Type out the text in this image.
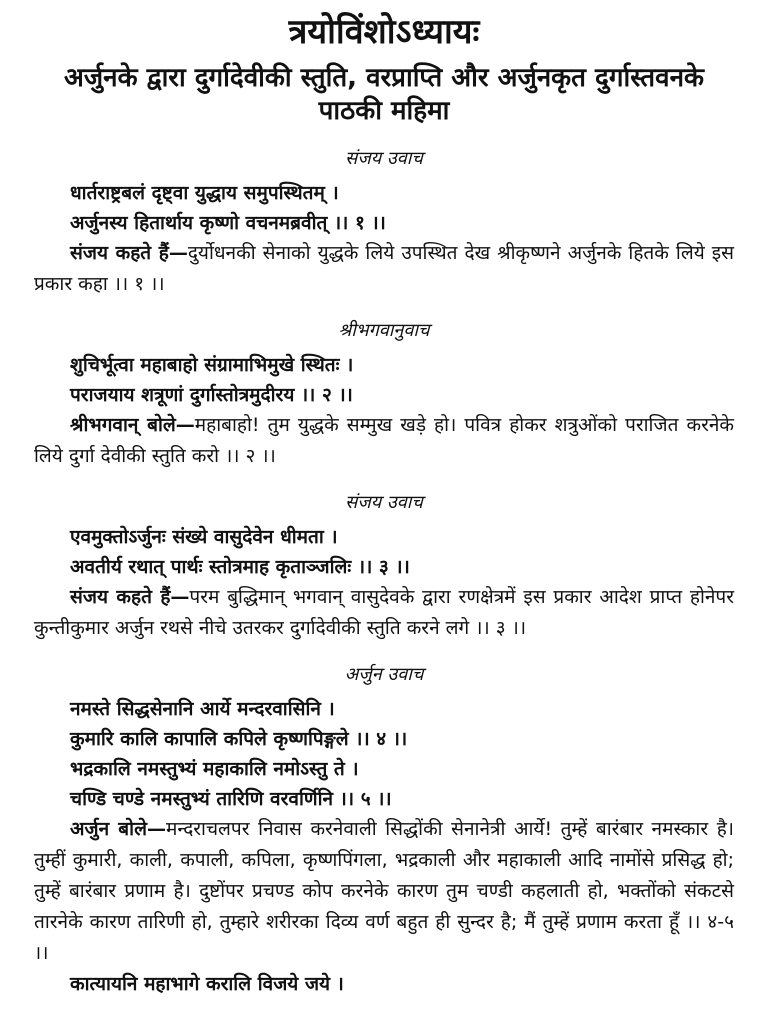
त्रयोविंशोऽध्यायः
अर्जुनके द्वारा दुर्गादेवीकी स्तुति, वरप्राप्ति और अर्जुनकृत दुर्गास्तवनके पाठकी महिमा
संजय उवाच

धार्तराष्ट्रबलं दृष्ट्वा युद्धाय समुपस्थितम् ।

अर्जुनस्य हितार्थाय कृष्णो वचनमब्रवीत् ।। १ ।।

संजय कहते हैं—दुर्योधनकी सेनाको युद्धके लिये उपस्थित देख श्रीकृष्णने अर्जुनके हितके लिये इस प्रकार कहा ।। १ ।।

श्रीभगवानुवाच

शुचिर्भूत्वा महाबाहो संग्रामाभिमुखे स्थितः ।

पराजयाय शत्रूणां दुर्गास्तोत्रमुदीरय ।। २ ।।

श्रीभगवान् बोले—महाबाहो! तुम युद्धके सम्मुख खड़े हो। पवित्र होकर शत्रुओंको पराजित करनेके लिये दुर्गा देवीकी स्तुति करो ।। २ ।।

संजय उवाच

एवमुक्तोऽर्जुनः संख्ये वासुदेवेन धीमता ।

अवतीर्य रथात् पार्थः स्तोत्रमाह कृताञ्जलिः ।। ३ ।।

संजय कहते हैं—परम बुद्धिमान् भगवान् वासुदेवके द्वारा रणक्षेत्रमें इस प्रकार आदेश प्राप्त होनेपर कुन्तीकुमार अर्जुन रथसे नीचे उतरकर दुर्गादेवीकी स्तुति करने लगे ।। ३ ।।

अर्जुन उवाच

नमस्ते सिद्धसेनानि आर्ये मन्दरवासिनि ।

कुमारि कालि कापालि कपिले कृष्णपिङ्गले ।। ४ ।।

भद्रकालि नमस्तुभ्यं महाकालि नमोऽस्तु ते ।

चण्डि चण्डे नमस्तुभ्यं तारिणि वरवर्णिनि ।। ५ ।।

अर्जुन बोले—मन्दराचलपर निवास करनेवाली सिद्धोंकी सेनानेत्री आर्ये! तुम्हें बारंबार नमस्कार है। तुम्हीं कुमारी, काली, कपाली, कपिला, कृष्णपिंगला, भद्रकाली और महाकाली आदि नामोंसे प्रसिद्ध हो; तुम्हें बारंबार प्रणाम है। दुष्टोंपर प्रचण्ड कोप करनेके कारण तुम चण्डी कहलाती हो, भक्तोंको संकटसे तारनेके कारण तारिणी हो, तुम्हारे शरीरका दिव्य वर्ण बहुत ही सुन्दर है; मैं तुम्हें प्रणाम करता हूँ ।। ४-५ ।।

कात्यायनि महाभागे करालि विजये जये ।
